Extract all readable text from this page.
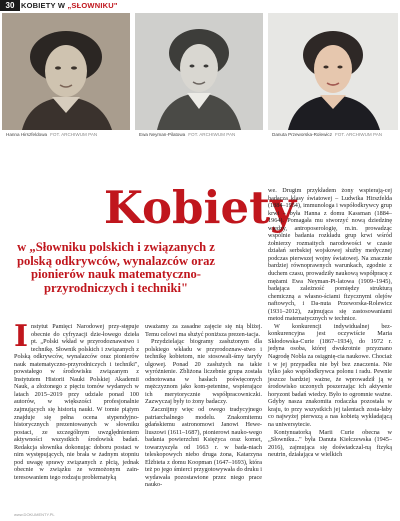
30 KOBIETY W „SŁOWNIKU"
Hanna Hirszfeldowa FOT. ARCHIWUM PAN	Ewa Neyman-Pilatowa FOT. ARCHIWUM PAN	Danuta Przeworska-Rolewicz FOT. ARCHIWUM PAN
Kobiety
w „Słowniku polskich i związanych z polską odkrywców, wynalazców oraz pionierów nauk matematyczno-przyrodniczych i techniki"

Instytut Pamięci Narodowej przy-stępuje obecnie do cyfryzacji dzie-łowego dzieła pt. „Polski wkład w przyrodoznawstwo i technikę. Słownik polskich i związanych z Polską odkrywców, wynalazców oraz pionierów nauk matematyczno-przyrodniczych i techniki", powstałego w środowisku związanym z Instytutem Historii Nauki Polskiej Akademii Nauk, a złożonego z pięciu tomów wydanych w latach 2015–2019 przy udziale ponad 100 autorów, w większości profesjonalnie zajmujących się historią nauki. W tomie piątym znajduje się pełna ocena stypendyjno-historycznych prezentowanych w słowniku postaci, ze szczególnym uwzględnieniem aktywności wszystkich środowisk badań. Redakcja słownika dokonując doboru postaci w nim występujących, nie brała w żadnym stopniu pod uwagę sprawy związanych z płcią, jednak obecnie w związku ze wzmożonym zain-teresowaniem tego rodzaju problematyką

uważamy za zasadne zajęcie się nią bliżej. Temu celowi ma służyć poniższa prezen-tacja.

Przydzielając biogramy zasłużonym dla polskiego wkładu w przyrodoznaw-stwo i technikę kobietom, nie stosowali-śmy taryfy ulgowej. Ponad 20 zasłużych na takie wyróżnienie. Zbliżona liczebnie grupa została odnotowana w hasłach poświęconych mężczyznom jako kom-petentne, wspierające ich merytorycznie współpracowniczki. Zazwyczaj były to żony badaczy.

Zacznijmy więc od owego tradycyjnego patriarchalnego modelu. Znakomitemu gdańskiemu astronomowi Janowi Hewe-liuszowi (1611–1687), pionierowi nauko-wego badania powierzchni Księżyca oraz komet, towarzyszyła od 1663 r. w bada-niach teleskopowych niebo druga żona, Katarzyna Elżbieta z domu Koopman (1647–1693), która też po jego śmierci przygotowywała do druku i wydawała pozostawione przez niego prace nauko-

we. Drugim przykładem żony wspierają-cej badacza klasy światowej – Ludwika Hirszfelda (1884–1954), immunologa i współodkrywcy grup krwi – była Hanna z domu Kassman (1884–1964). Pomagała mu stworzyć nową dziedzinę wiedzy, antroposerologię, m.in. prowadząc wspólnie badania rozkładu grup krwi wśród żołnierzy rozmaitych narodowości w czasie działań serbskiej wojskowej służby medycznej podczas pierwszej wojny światowej. Na znacznie bardziej równoprawnych warunkach, zgodnie z duchem czasu, prowadziły naukową współpracę z mężami Ewa Neyman-Pi-latowa (1909–1945), badająca zależność pomiędzy strukturą chemiczną a własno-ściami fizycznymi olejów naftowych, i Da-nuta Przeworska-Rolewicz (1931–2012), zajmująca się zastosowaniami metod matematycznych w technice.

W konkurencji indywidualnej bez-konkurencyjna jest oczywiście Maria Skłodowska-Curie (1867–1934), do 1972 r. jedyna osoba, której dwukrotnie przyznano Nagrodę Nobla za osiągnię-cia naukowe. Chociaż i w jej przypadku nie był bez znaczenia. Nie tylko jako współodkrywca polonu i radu. Pewnie jeszcze bardziej ważne, że wprowadził ją w środowisko uczonych poszerzając ich aktywnie horyzont badań wiedzy. Było to ogromnie ważne. Gdyby nasza znakomita rodaczka pozostała w kraju, to przy wszystkich jej talentach zosta-łaby co najwyżej pierwszą a nas kobietą wykładającą na uniwersytecie.

Kontynuatorką Marii Curie obecna w „Słowniku..." była Danuta Kiełczewska (1945–2016), zajmująca się doświadczal-ną fizyką neutrin, działająca w wielkich

www.DOKUMENTY.PL
